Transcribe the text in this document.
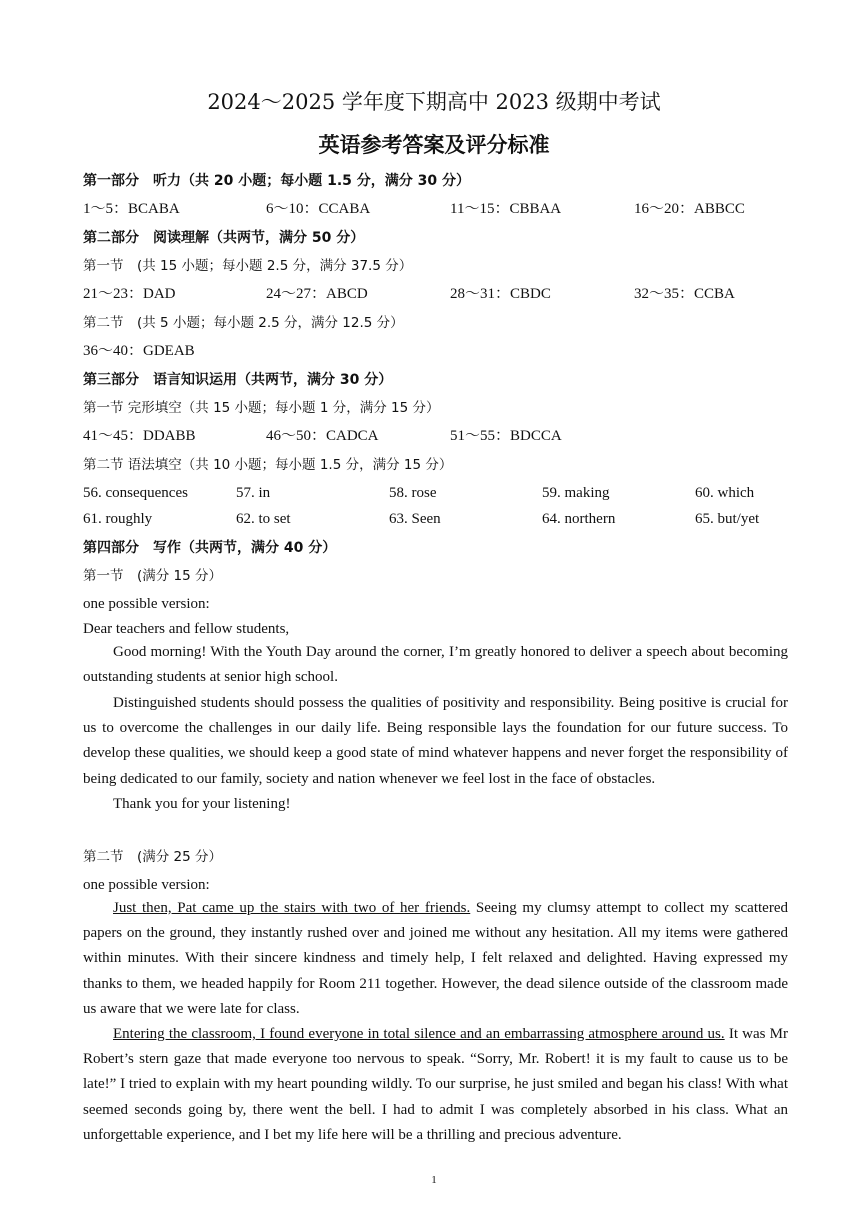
2024～2025 学年度下期高中 2023 级期中考试
英语参考答案及评分标准
第一部分　听力（共 20 小题；每小题 1.5 分，满分 30 分）
1～5：BCABA	6～10：CCABA	11～15：CBBAA	16～20：ABBCC
第二部分　阅读理解（共两节，满分 50 分）
第一节　(共 15 小题；每小题 2.5 分，满分 37.5 分）
21～23：DAD	24～27：ABCD	28～31：CBDC	32～35：CCBA
第二节　(共 5 小题；每小题 2.5 分，满分 12.5 分）
36～40：GDEAB
第三部分　语言知识运用（共两节，满分 30 分）
第一节 完形填空（共 15 小题；每小题 1 分，满分 15 分）
41～45：DDABB	46～50：CADCA	51～55：BDCCA
第二节 语法填空（共 10 小题；每小题 1.5 分，满分 15 分）
56. consequences	57. in	58. rose	59. making	60. which
61. roughly	62. to set	63. Seen	64. northern	65. but/yet
第四部分　写作（共两节，满分 40 分）
第一节　(满分 15 分）
one possible version:
Dear teachers and fellow students,

Good morning! With the Youth Day around the corner, I’m greatly honored to deliver a speech about becoming outstanding students at senior high school.

Distinguished students should possess the qualities of positivity and responsibility. Being positive is crucial for us to overcome the challenges in our daily life. Being responsible lays the foundation for our future success. To develop these qualities, we should keep a good state of mind whatever happens and never forget the responsibility of being dedicated to our family, society and nation whenever we feel lost in the face of obstacles.

Thank you for your listening!

第二节　(满分 25 分）
one possible version:

Just then, Pat came up the stairs with two of her friends. Seeing my clumsy attempt to collect my scattered papers on the ground, they instantly rushed over and joined me without any hesitation. All my items were gathered within minutes. With their sincere kindness and timely help, I felt relaxed and delighted. Having expressed my thanks to them, we headed happily for Room 211 together. However, the dead silence outside of the classroom made us aware that we were late for class.

Entering the classroom, I found everyone in total silence and an embarrassing atmosphere around us. It was Mr Robert’s stern gaze that made everyone too nervous to speak. “Sorry, Mr. Robert! it is my fault to cause us to be late!” I tried to explain with my heart pounding wildly. To our surprise, he just smiled and began his class! With what seemed seconds going by, there went the bell. I had to admit I was completely absorbed in his class. What an unforgettable experience, and I bet my life here will be a thrilling and precious adventure.

1
